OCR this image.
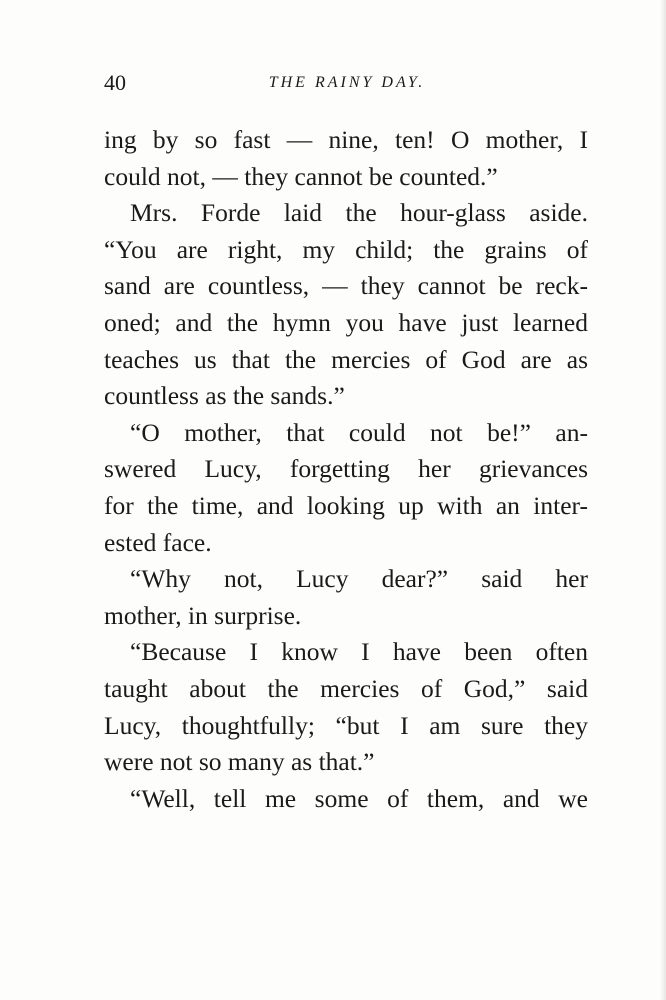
40	THE RAINY DAY.
ing by so fast — nine, ten! O mother, I
could not, — they cannot be counted.”
Mrs. Forde laid the hour-glass aside.
“You are right, my child; the grains of
sand are countless, — they cannot be reck-
oned; and the hymn you have just learned
teaches us that the mercies of God are as
countless as the sands.”
“O mother, that could not be!” an-
swered Lucy, forgetting her grievances
for the time, and looking up with an inter-
ested face.
“Why not, Lucy dear?” said her
mother, in surprise.
“Because I know I have been often
taught about the mercies of God,” said
Lucy, thoughtfully; “but I am sure they
were not so many as that.”
“Well, tell me some of them, and we
